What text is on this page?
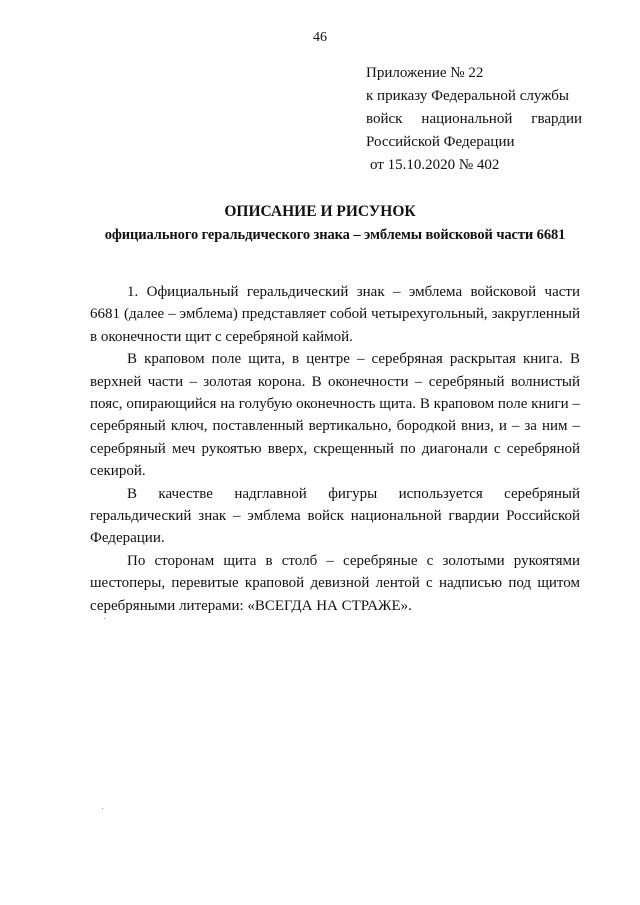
46
Приложение № 22
к приказу Федеральной службы
войск национальной гвардии
Российской Федерации
от 15.10.2020 № 402
ОПИСАНИЕ И РИСУНОК
официального геральдического знака – эмблемы войсковой части 6681

1. Официальный геральдический знак – эмблема войсковой части 6681 (далее – эмблема) представляет собой четырехугольный, закругленный в оконечности щит с серебряной каймой.

В краповом поле щита, в центре – серебряная раскрытая книга. В верхней части – золотая корона. В оконечности – серебряный волнистый пояс, опирающийся на голубую оконечность щита. В краповом поле книги – серебряный ключ, поставленный вертикально, бородкой вниз, и – за ним – серебряный меч рукоятью вверх, скрещенный по диагонали с серебряной секирой.

В качестве надглавной фигуры используется серебряный геральдический знак – эмблема войск национальной гвардии Российской Федерации.

По сторонам щита в столб – серебряные с золотыми рукоятями шестоперы, перевитые краповой девизной лентой с надписью под щитом серебряными литерами: «ВСЕГДА НА СТРАЖЕ».
